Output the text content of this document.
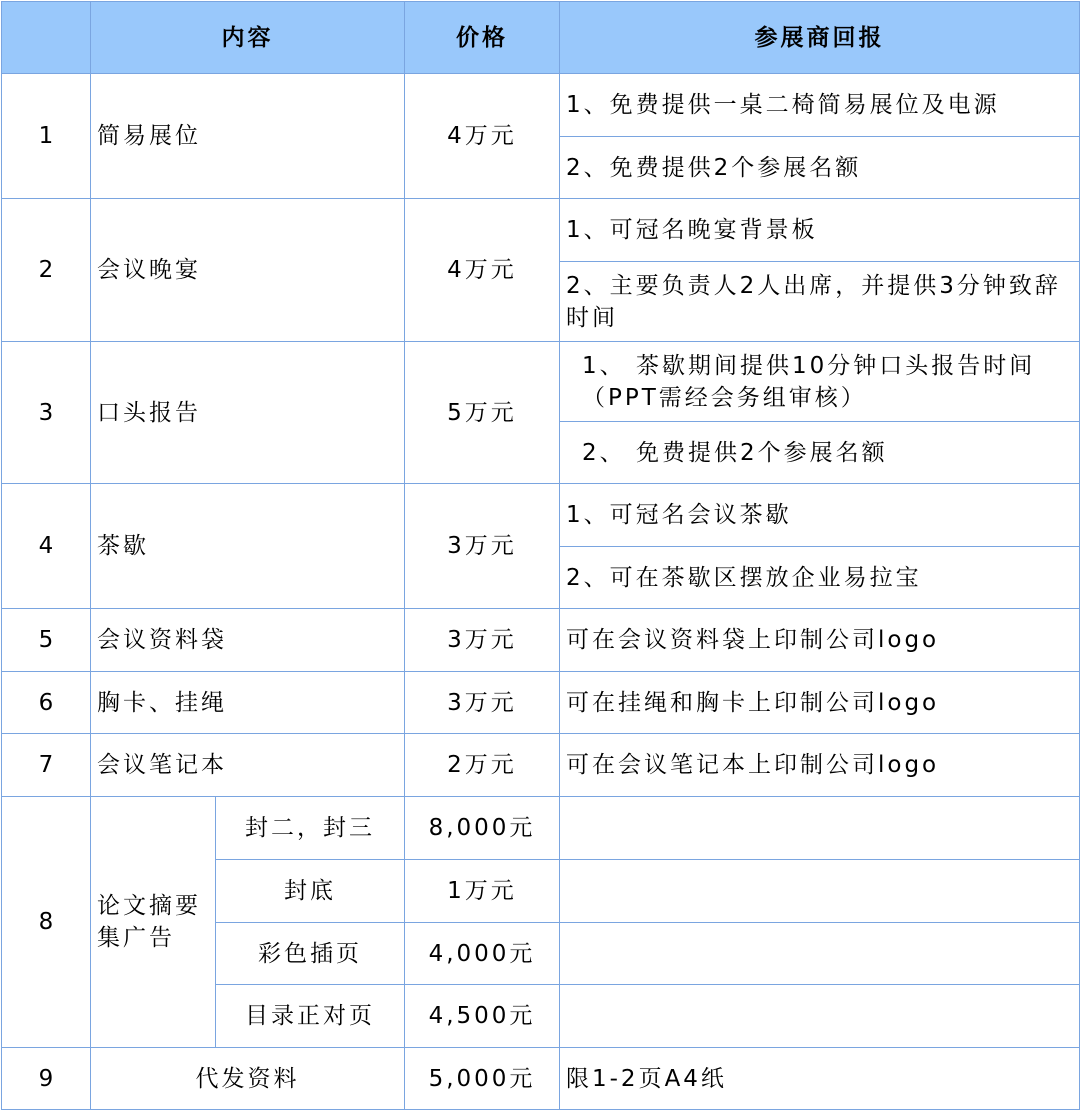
	内容		价格	参展商回报
1	简易展位		4万元	1、免费提供一桌二椅简易展位及电源
				2、免费提供2个参展名额
2	会议晚宴		4万元	1、可冠名晚宴背景板
				2、主要负责人2人出席，并提供3分钟致辞时间
3	口头报告		5万元	1、 茶歇期间提供10分钟口头报告时间（PPT需经会务组审核）
				2、 免费提供2个参展名额
4	茶歇		3万元	1、可冠名会议茶歇
				2、可在茶歇区摆放企业易拉宝
5	会议资料袋		3万元	可在会议资料袋上印制公司logo
6	胸卡、挂绳		3万元	可在挂绳和胸卡上印制公司logo
7	会议笔记本		2万元	可在会议笔记本上印制公司logo
8	论文摘要集广告	封二，封三	8,000元	
		封底	1万元	
		彩色插页	4,000元	
		目录正对页	4,500元	
9	代发资料		5,000元	限1-2页A4纸
